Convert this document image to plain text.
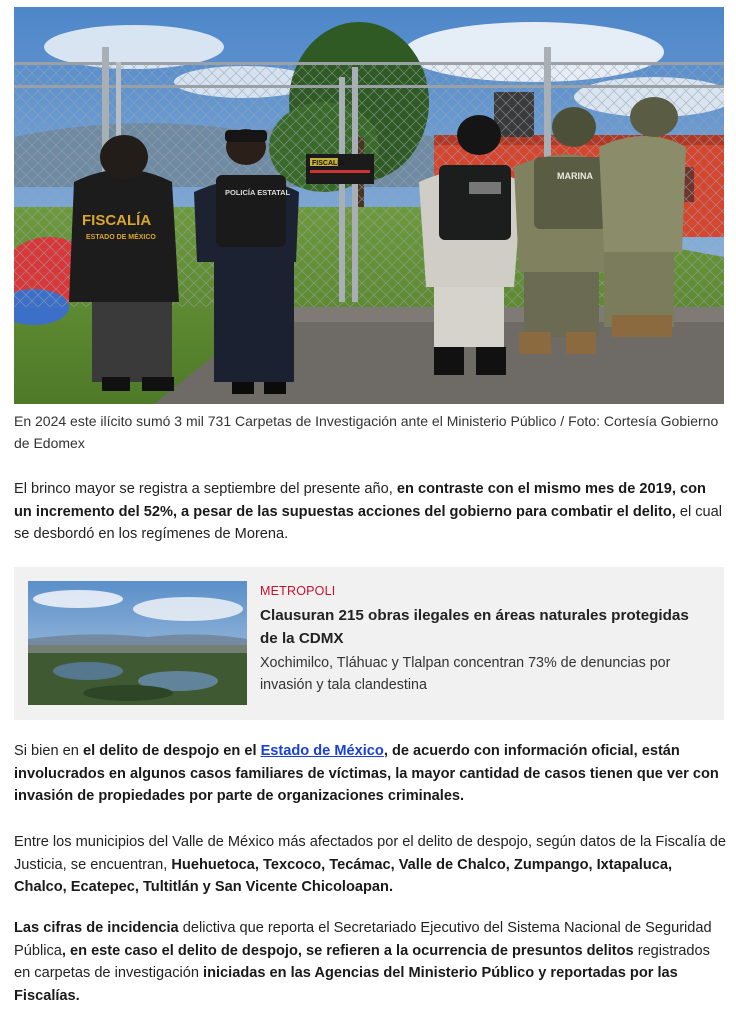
FISCALÍA
FISCALÍA
ESTADO DE MÉXICO
POLICÍA ESTATAL
MARINA

En 2024 este ilícito sumó 3 mil 731 Carpetas de Investigación ante el Ministerio Público / Foto: Cortesía Gobierno de Edomex

El brinco mayor se registra a septiembre del presente año, en contraste con el mismo mes de 2019, con un incremento del 52%, a pesar de las supuestas acciones del gobierno para combatir el delito, el cual se desbordó en los regímenes de Morena.

METROPOLI
Clausuran 215 obras ilegales en áreas naturales protegidas de la CDMX
Xochimilco, Tláhuac y Tlalpan concentran 73% de denuncias por invasión y tala clandestina

Si bien en el delito de despojo en el Estado de México, de acuerdo con información oficial, están involucrados en algunos casos familiares de víctimas, la mayor cantidad de casos tienen que ver con invasión de propiedades por parte de organizaciones criminales.

Entre los municipios del Valle de México más afectados por el delito de despojo, según datos de la Fiscalía de Justicia, se encuentran, Huehuetoca, Texcoco, Tecámac, Valle de Chalco, Zumpango, Ixtapaluca, Chalco, Ecatepec, Tultitlán y San Vicente Chicoloapan.

Las cifras de incidencia delictiva que reporta el Secretariado Ejecutivo del Sistema Nacional de Seguridad Pública, en este caso el delito de despojo, se refieren a la ocurrencia de presuntos delitos registrados en carpetas de investigación iniciadas en las Agencias del Ministerio Público y reportadas por las Fiscalías.
